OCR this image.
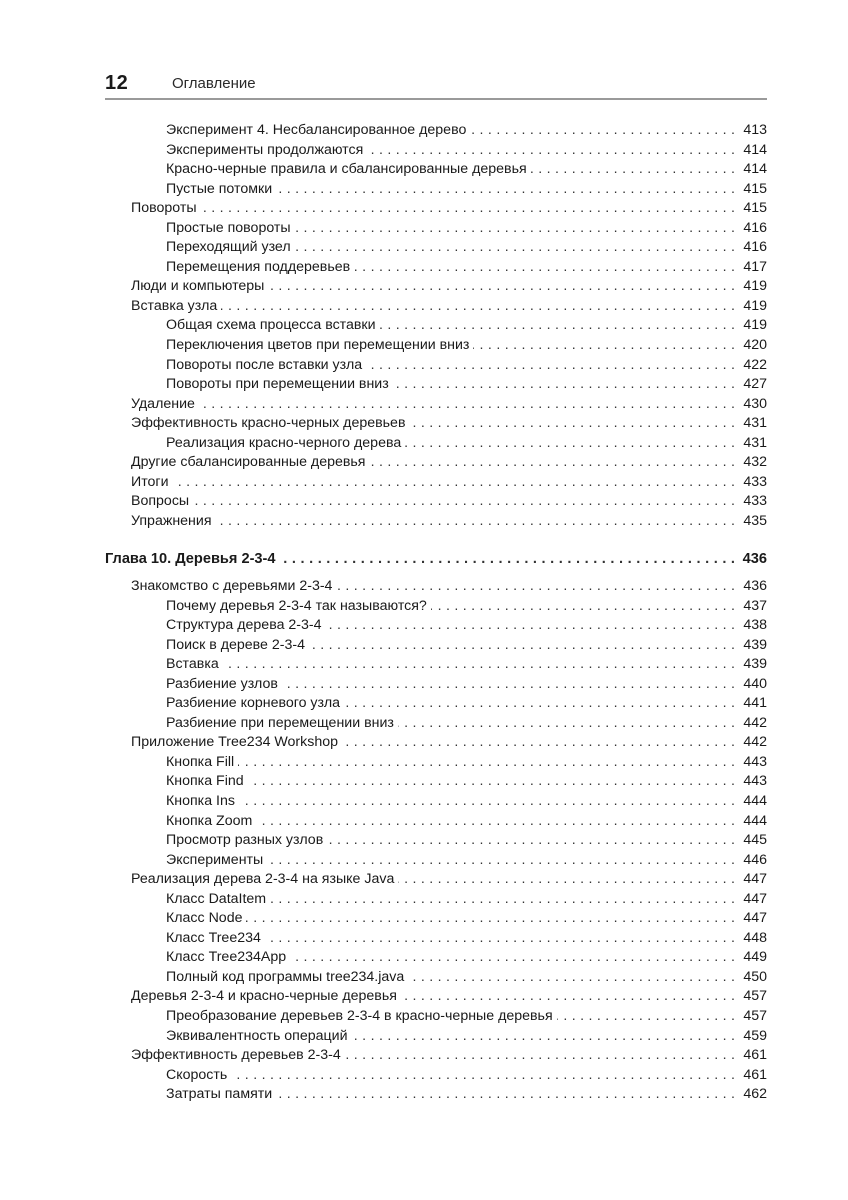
12	Оглавление
Эксперимент 4. Несбалансированное дерево . . .	413
Эксперименты продолжаются . . .	414
Красно-черные правила и сбалансированные деревья . . .	414
Пустые потомки . . .	415
Повороты . . .	415
Простые повороты . . .	416
Переходящий узел . . .	416
Перемещения поддеревьев . . .	417
Люди и компьютеры . . .	419
Вставка узла . . .	419
Общая схема процесса вставки . . .	419
Переключения цветов при перемещении вниз . . .	420
Повороты после вставки узла . . .	422
Повороты при перемещении вниз . . .	427
Удаление . . .	430
Эффективность красно-черных деревьев . . .	431
Реализация красно-черного дерева . . .	431
Другие сбалансированные деревья . . .	432
Итоги . . .	433
Вопросы . . .	433
Упражнения . . .	435
Глава 10. Деревья 2-3-4 . . .	436
Знакомство с деревьями 2-3-4 . . .	436
Почему деревья 2-3-4 так называются? . . .	437
Структура дерева 2-3-4 . . .	438
Поиск в дереве 2-3-4 . . .	439
Вставка . . .	439
Разбиение узлов . . .	440
Разбиение корневого узла . . .	441
Разбиение при перемещении вниз . . .	442
Приложение Tree234 Workshop . . .	442
Кнопка Fill . . .	443
Кнопка Find . . .	443
Кнопка Ins . . .	444
Кнопка Zoom . . .	444
Просмотр разных узлов . . .	445
Эксперименты . . .	446
Реализация дерева 2-3-4 на языке Java . . .	447
Класс DataItem . . .	447
Класс Node . . .	447
Класс Tree234 . . .	448
Класс Tree234App . . .	449
Полный код программы tree234.java . . .	450
Деревья 2-3-4 и красно-черные деревья . . .	457
Преобразование деревьев 2-3-4 в красно-черные деревья . . .	457
Эквивалентность операций . . .	459
Эффективность деревьев 2-3-4 . . .	461
Скорость . . .	461
Затраты памяти . . .	462
